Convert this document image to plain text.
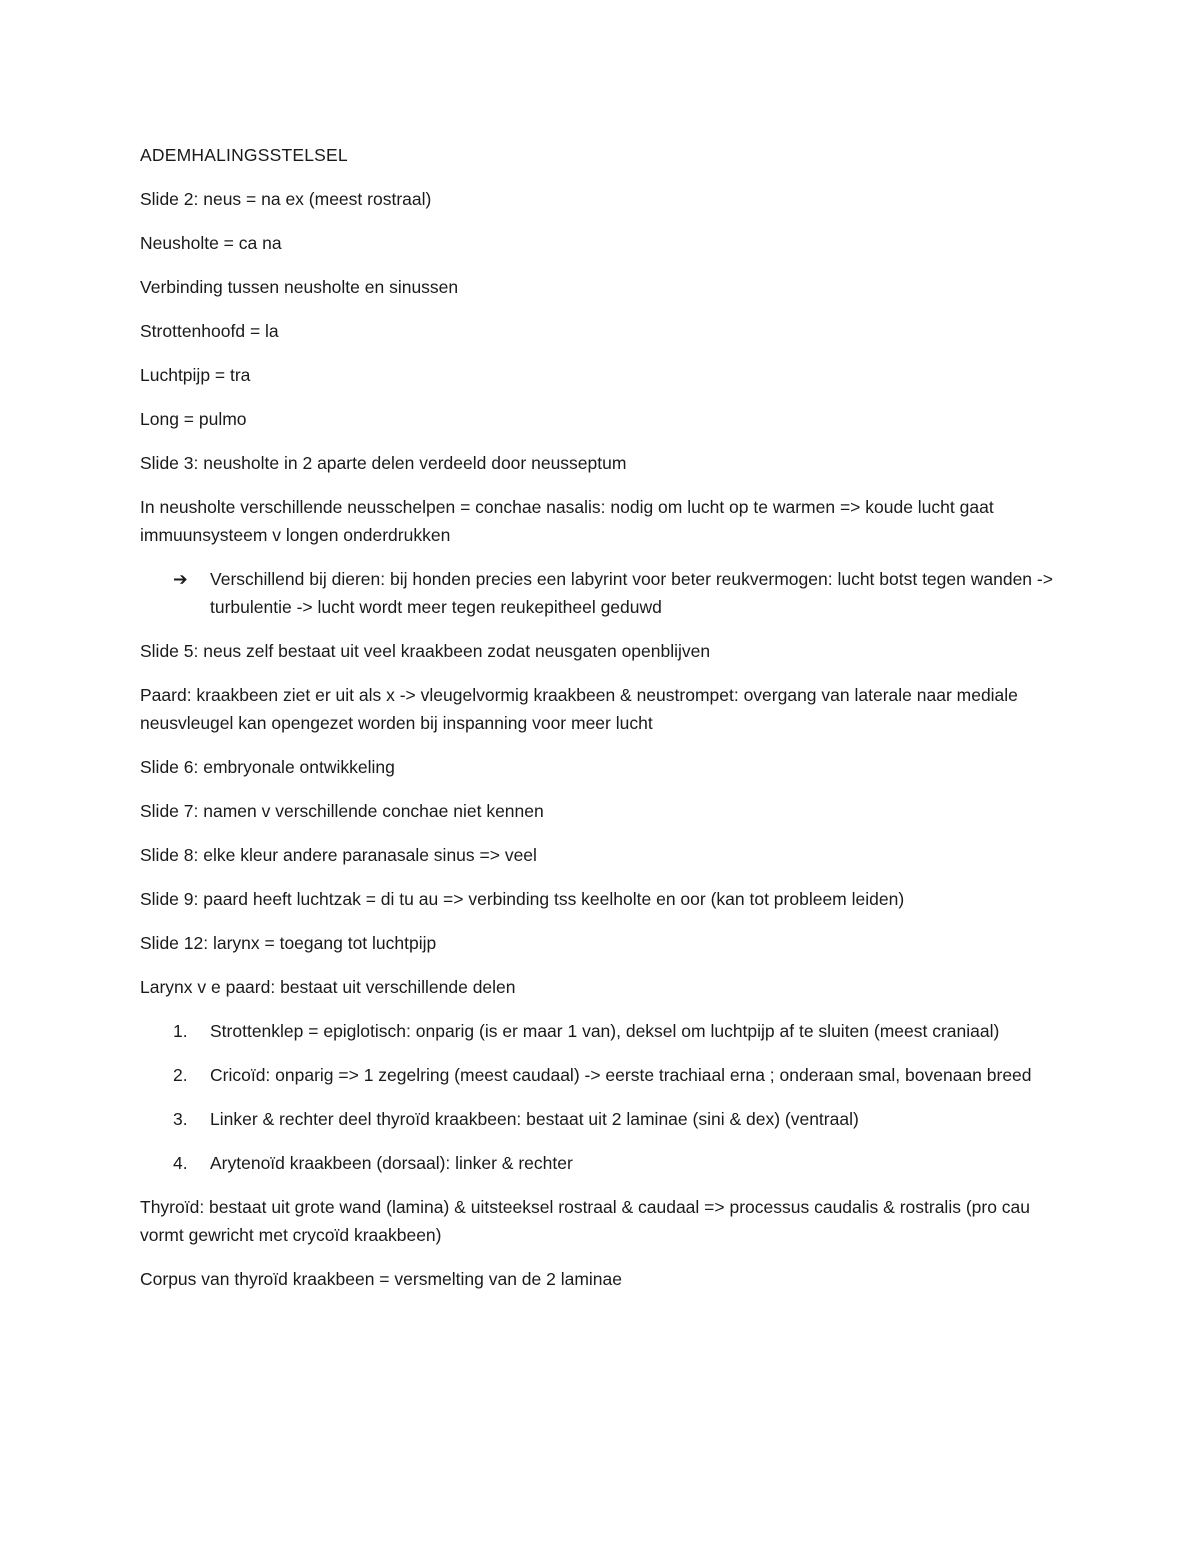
ADEMHALINGSSTELSEL

Slide 2: neus = na ex (meest rostraal)

Neusholte = ca na

Verbinding tussen neusholte en sinussen

Strottenhoofd = la

Luchtpijp = tra

Long = pulmo

Slide 3: neusholte in 2 aparte delen verdeeld door neusseptum

In neusholte verschillende neusschelpen = conchae nasalis: nodig om lucht op te warmen => koude lucht gaat immuunsysteem v longen onderdrukken

➔	Verschillend bij dieren: bij honden precies een labyrint voor beter reukvermogen: lucht botst tegen wanden -> turbulentie -> lucht wordt meer tegen reukepitheel geduwd

Slide 5: neus zelf bestaat uit veel kraakbeen zodat neusgaten openblijven

Paard: kraakbeen ziet er uit als x -> vleugelvormig kraakbeen & neustrompet: overgang van laterale naar mediale neusvleugel kan opengezet worden bij inspanning voor meer lucht

Slide 6: embryonale ontwikkeling

Slide 7: namen v verschillende conchae niet kennen

Slide 8: elke kleur andere paranasale sinus => veel

Slide 9: paard heeft luchtzak = di tu au => verbinding tss keelholte en oor (kan tot probleem leiden)

Slide 12: larynx = toegang tot luchtpijp

Larynx v e paard: bestaat uit verschillende delen

1.	Strottenklep = epiglotisch: onparig (is er maar 1 van), deksel om luchtpijp af te sluiten (meest craniaal)
2.	Cricoïd: onparig => 1 zegelring (meest caudaal) -> eerste trachiaal erna ; onderaan smal, bovenaan breed
3.	Linker & rechter deel thyroïd kraakbeen: bestaat uit 2 laminae (sini & dex) (ventraal)
4.	Arytenoïd kraakbeen (dorsaal): linker & rechter

Thyroïd: bestaat uit grote wand (lamina) & uitsteeksel rostraal & caudaal => processus caudalis & rostralis (pro cau vormt gewricht met crycoïd kraakbeen)

Corpus van thyroïd kraakbeen = versmelting van de 2 laminae
